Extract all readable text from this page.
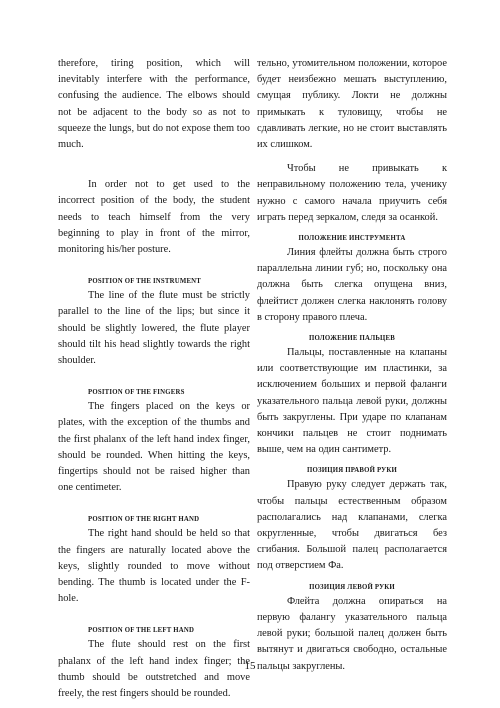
therefore, tiring position, which will inevitably interfere with the performance, confusing the audience. The elbows should not be adjacent to the body so as not to squeeze the lungs, but do not expose them too much.

In order not to get used to the incorrect position of the body, the student needs to teach himself from the very beginning to play in front of the mirror, monitoring his/her posture.

POSITION OF THE INSTRUMENT

The line of the flute must be strictly parallel to the line of the lips; but since it should be slightly lowered, the flute player should tilt his head slightly towards the right shoulder.

POSITION OF THE FINGERS

The fingers placed on the keys or plates, with the exception of the thumbs and the first phalanx of the left hand index finger, should be rounded. When hitting the keys, fingertips should not be raised higher than one centimeter.

POSITION OF THE RIGHT HAND

The right hand should be held so that the fingers are naturally located above the keys, slightly rounded to move without bending. The thumb is located under the F-hole.

POSITION OF THE LEFT HAND

The flute should rest on the first phalanx of the left hand index finger; the thumb should be outstretched and move freely, the rest fingers should be rounded.

тельно, утомительном положении, которое будет неизбежно мешать выступлению, смущая публику. Локти не должны примыкать к туловищу, чтобы не сдавливать легкие, но не стоит выставлять их слишком.

Чтобы не привыкать к неправильному положению тела, ученику нужно с самого начала приучить себя играть перед зеркалом, следя за осанкой.

ПОЛОЖЕНИЕ ИНСТРУМЕНТА

Линия флейты должна быть строго параллельна линии губ; но, поскольку она должна быть слегка опущена вниз, флейтист должен слегка наклонять голову в сторону правого плеча.

ПОЛОЖЕНИЕ ПАЛЬЦЕВ

Пальцы, поставленные на клапаны или соответствующие им пластинки, за исключением больших и первой фаланги указательного пальца левой руки, должны быть закруглены. При ударе по клапанам кончики пальцев не стоит поднимать выше, чем на один сантиметр.

ПОЗИЦИЯ ПРАВОЙ РУКИ

Правую руку следует держать так, чтобы пальцы естественным образом располагались над клапанами, слегка округленные, чтобы двигаться без сгибания. Большой палец располагается под отверстием Фа.

ПОЗИЦИЯ ЛЕВОЙ РУКИ

Флейта должна опираться на первую фалангу указательного пальца левой руки; большой палец должен быть вытянут и двигаться свободно, остальные пальцы закруглены.

15
